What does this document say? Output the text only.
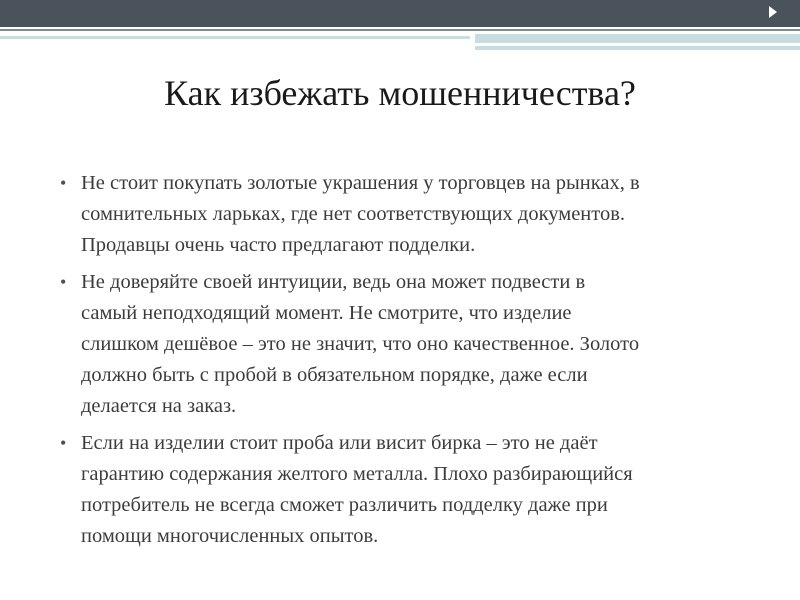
Как избежать мошенничества?
• Не стоит покупать золотые украшения у торговцев на рынках, в
сомнительных ларьках, где нет соответствующих документов.
Продавцы очень часто предлагают подделки.
• Не доверяйте своей интуиции, ведь она может подвести в
самый неподходящий момент. Не смотрите, что изделие
слишком дешёвое – это не значит, что оно качественное. Золото
должно быть с пробой в обязательном порядке, даже если
делается на заказ.
• Если на изделии стоит проба или висит бирка – это не даёт
гарантию содержания желтого металла. Плохо разбирающийся
потребитель не всегда сможет различить подделку даже при
помощи многочисленных опытов.
